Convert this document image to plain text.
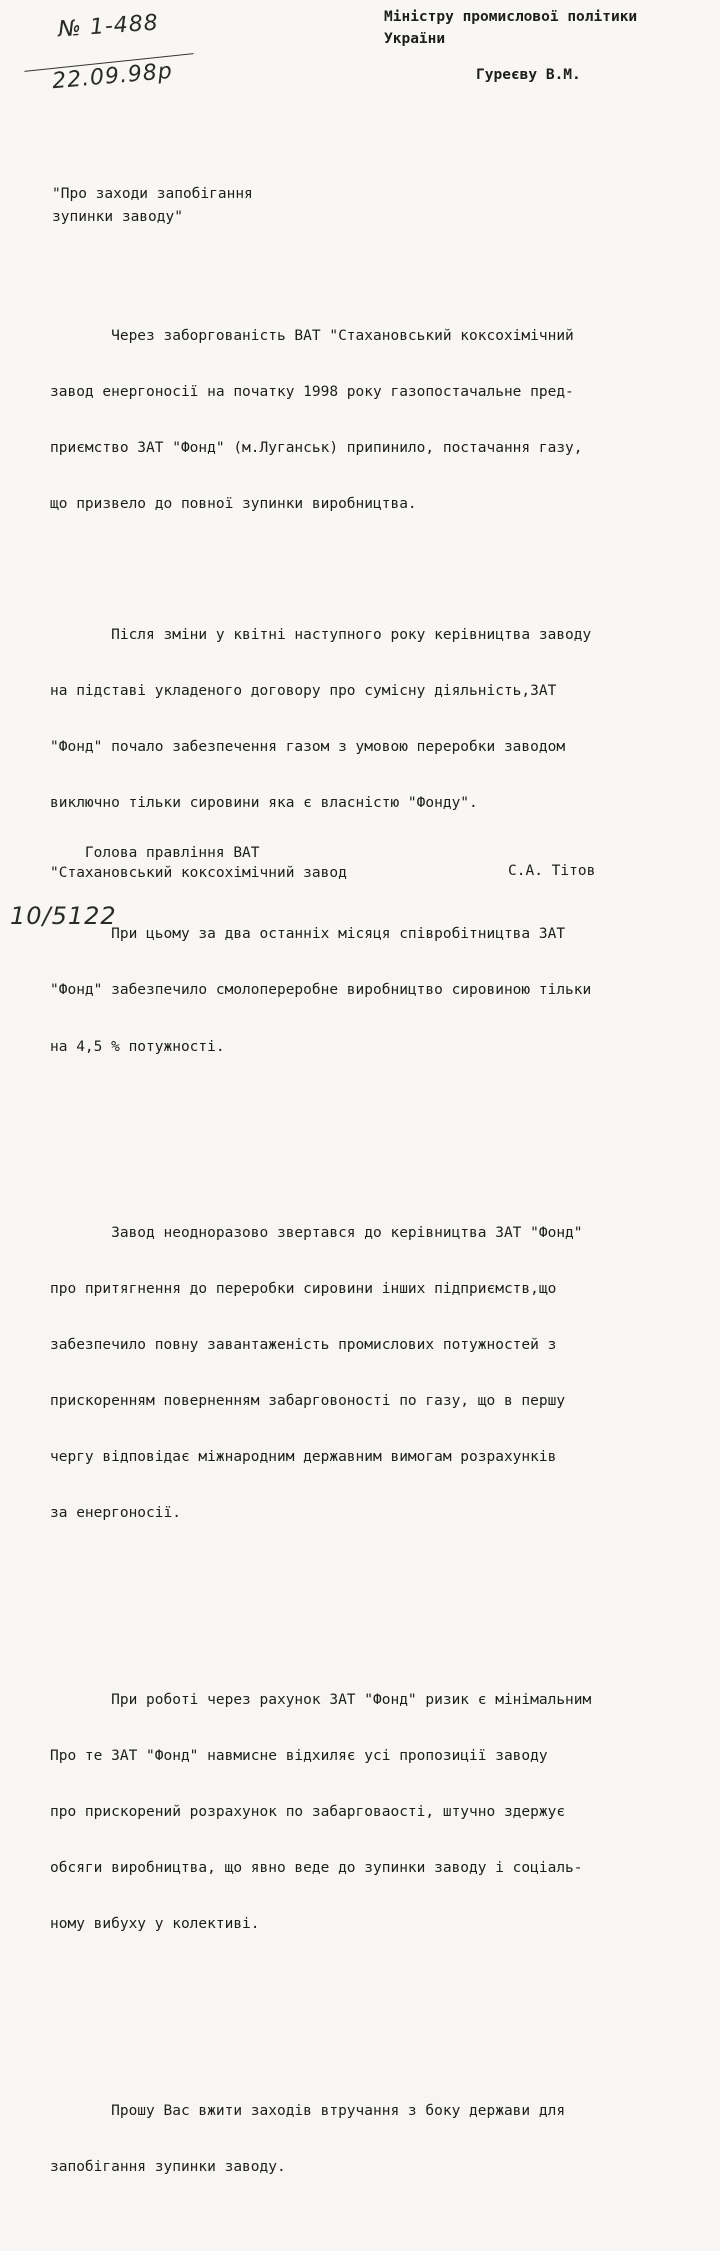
№ 1-488
22.09.98р
Міністру промислової політики
України
Гуреєву В.М.
"Про заходи запобігання
зупинки заводу"

Через заборгованість ВАТ "Стахановський коксохімічний

завод енергоносії на початку 1998 року газопостачальне пред-

приємство ЗАТ "Фонд" (м.Луганськ) припинило, постачання газу,

що призвело до повної зупинки виробництва.

Після зміни у квітні наступного року керівництва заводу

на підставі укладеного договору про сумісну діяльність,ЗАТ

"Фонд" почало забезпечення газом з умовою переробки заводом

виключно тільки сировини яка є власністю "Фонду".

При цьому за два останніх місяця співробітництва ЗАТ

"Фонд" забезпечило смолопереробне виробництво сировиною тільки

на 4,5 % потужності.

Завод неодноразово звертався до керівництва ЗАТ "Фонд"

про притягнення до переробки сировини інших підприємств,що

забезпечило повну завантаженість промислових потужностей з

прискоренням поверненням забарговоності по газу, що в першу

чергу відповідає міжнародним державним вимогам розрахунків

за енергоносії.

При роботі через рахунок ЗАТ "Фонд" ризик є мінімальним

Про те ЗАТ "Фонд" навмисне відхиляє усі пропозиції заводу

про прискорений розрахунок по забарговаості, штучно здержує

обсяги виробництва, що явно веде до зупинки заводу і соціаль-

ному вибуху у колективі.

Прошу Вас вжити заходів втручання з боку держави для

запобігання зупинки заводу.

Голова правління ВАТ
"Стахановський коксохімічний завод	С.А. Тітов
10/5122
